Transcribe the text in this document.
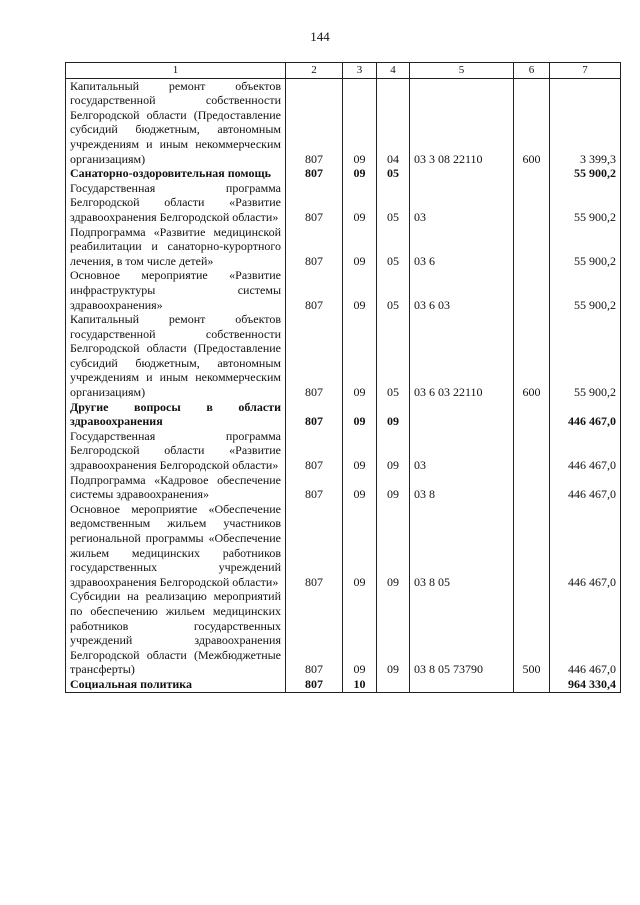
144
1	2	3	4	5	6	7
Капитальный ремонт объектов государственной собственности Белгородской области (Предоставление субсидий бюджетным, автономным учреждениям и иным некоммерческим организациям)	807	09	04	03 3 08 22110	600	3 399,3
Санаторно-оздоровительная помощь	807	09	05			55 900,2
Государственная программа Белгородской области «Развитие здравоохранения Белгородской области»	807	09	05	03		55 900,2
Подпрограмма «Развитие медицинской реабилитации и санаторно-курортного лечения, в том числе детей»	807	09	05	03 6		55 900,2
Основное мероприятие «Развитие инфраструктуры системы здравоохранения»	807	09	05	03 6 03		55 900,2
Капитальный ремонт объектов государственной собственности Белгородской области (Предоставление субсидий бюджетным, автономным учреждениям и иным некоммерческим организациям)	807	09	05	03 6 03 22110	600	55 900,2
Другие вопросы в области здравоохранения	807	09	09			446 467,0
Государственная программа Белгородской области «Развитие здравоохранения Белгородской области»	807	09	09	03		446 467,0
Подпрограмма «Кадровое обеспечение системы здравоохранения»	807	09	09	03 8		446 467,0
Основное мероприятие «Обеспечение ведомственным жильем участников региональной программы «Обеспечение жильем медицинских работников государственных учреждений здравоохранения Белгородской области»	807	09	09	03 8 05		446 467,0
Субсидии на реализацию мероприятий по обеспечению жильем медицинских работников государственных учреждений здравоохранения Белгородской области (Межбюджетные трансферты)	807	09	09	03 8 05 73790	500	446 467,0
Социальная политика	807	10				964 330,4
